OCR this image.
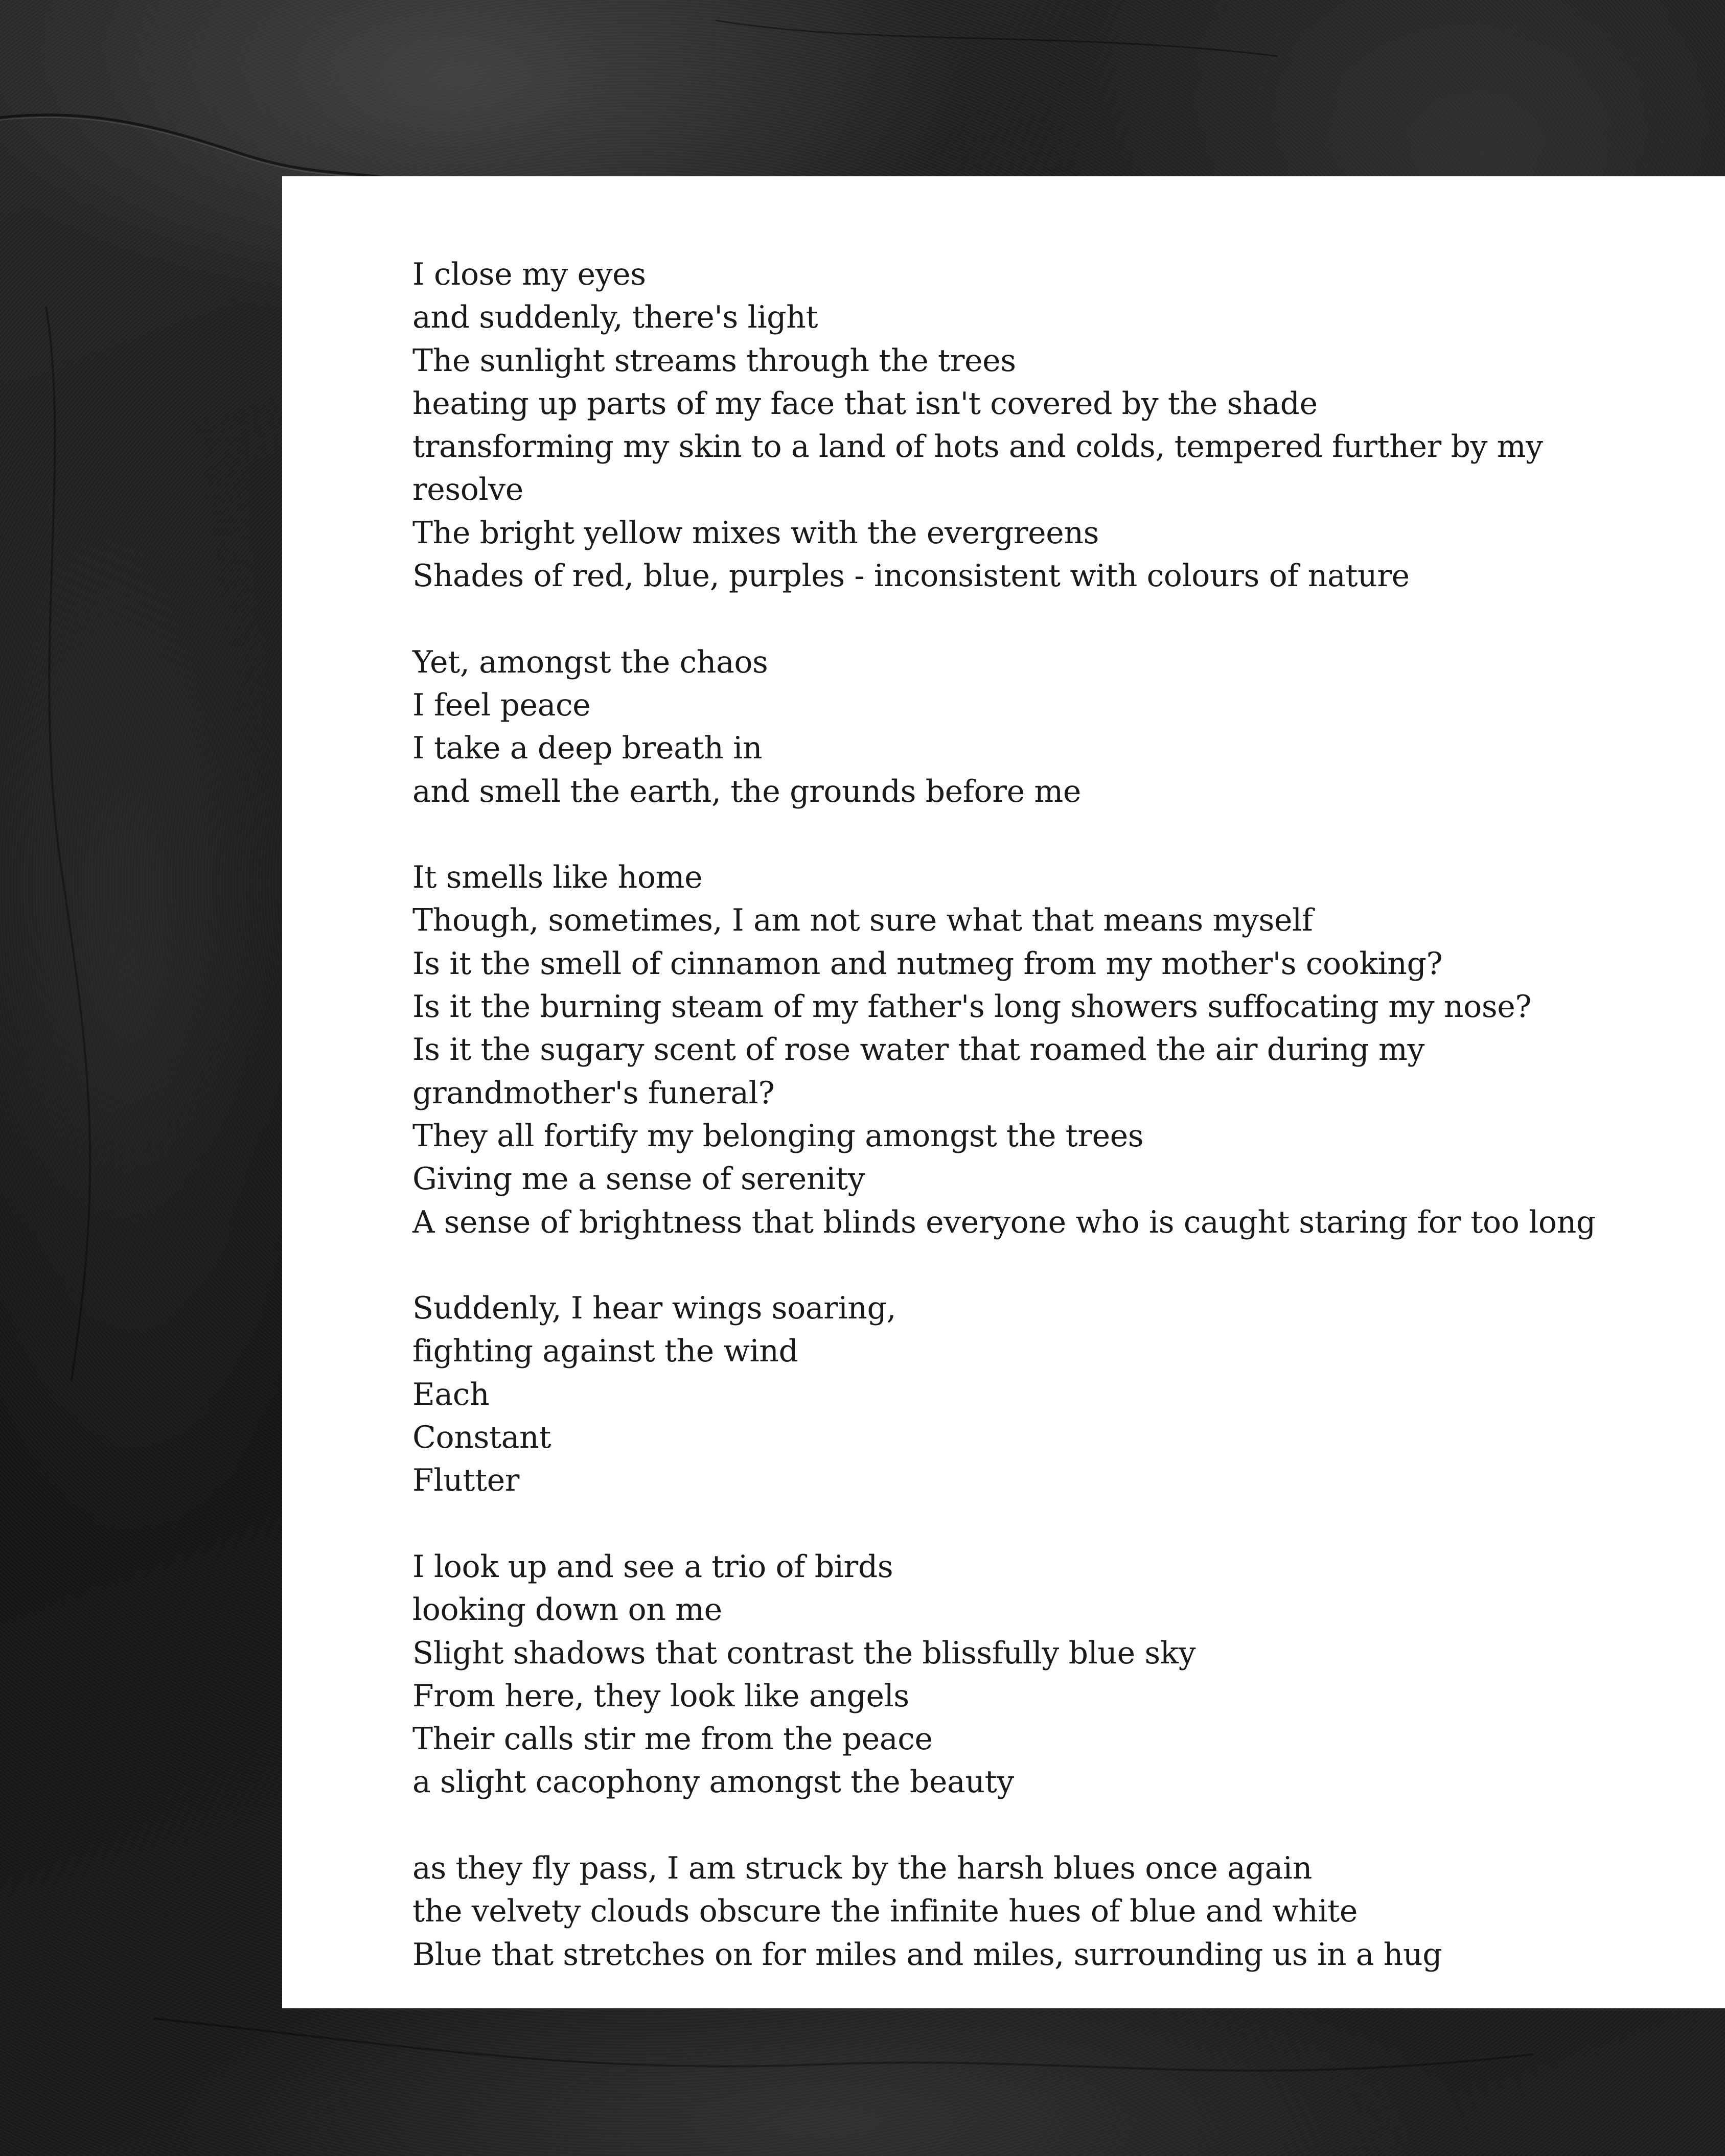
I close my eyes
and suddenly, there's light
The sunlight streams through the trees
heating up parts of my face that isn't covered by the shade
transforming my skin to a land of hots and colds, tempered further by my resolve
The bright yellow mixes with the evergreens
Shades of red, blue, purples - inconsistent with colours of nature
Yet, amongst the chaos
I feel peace
I take a deep breath in
and smell the earth, the grounds before me
It smells like home
Though, sometimes, I am not sure what that means myself
Is it the smell of cinnamon and nutmeg from my mother's cooking?
Is it the burning steam of my father's long showers suffocating my nose?
Is it the sugary scent of rose water that roamed the air during my grandmother's funeral?
They all fortify my belonging amongst the trees
Giving me a sense of serenity
A sense of brightness that blinds everyone who is caught staring for too long
Suddenly, I hear wings soaring,
fighting against the wind
Each
Constant
Flutter
I look up and see a trio of birds
looking down on me
Slight shadows that contrast the blissfully blue sky
From here, they look like angels
Their calls stir me from the peace
a slight cacophony amongst the beauty
as they fly pass, I am struck by the harsh blues once again
the velvety clouds obscure the infinite hues of blue and white
Blue that stretches on for miles and miles, surrounding us in a hug
